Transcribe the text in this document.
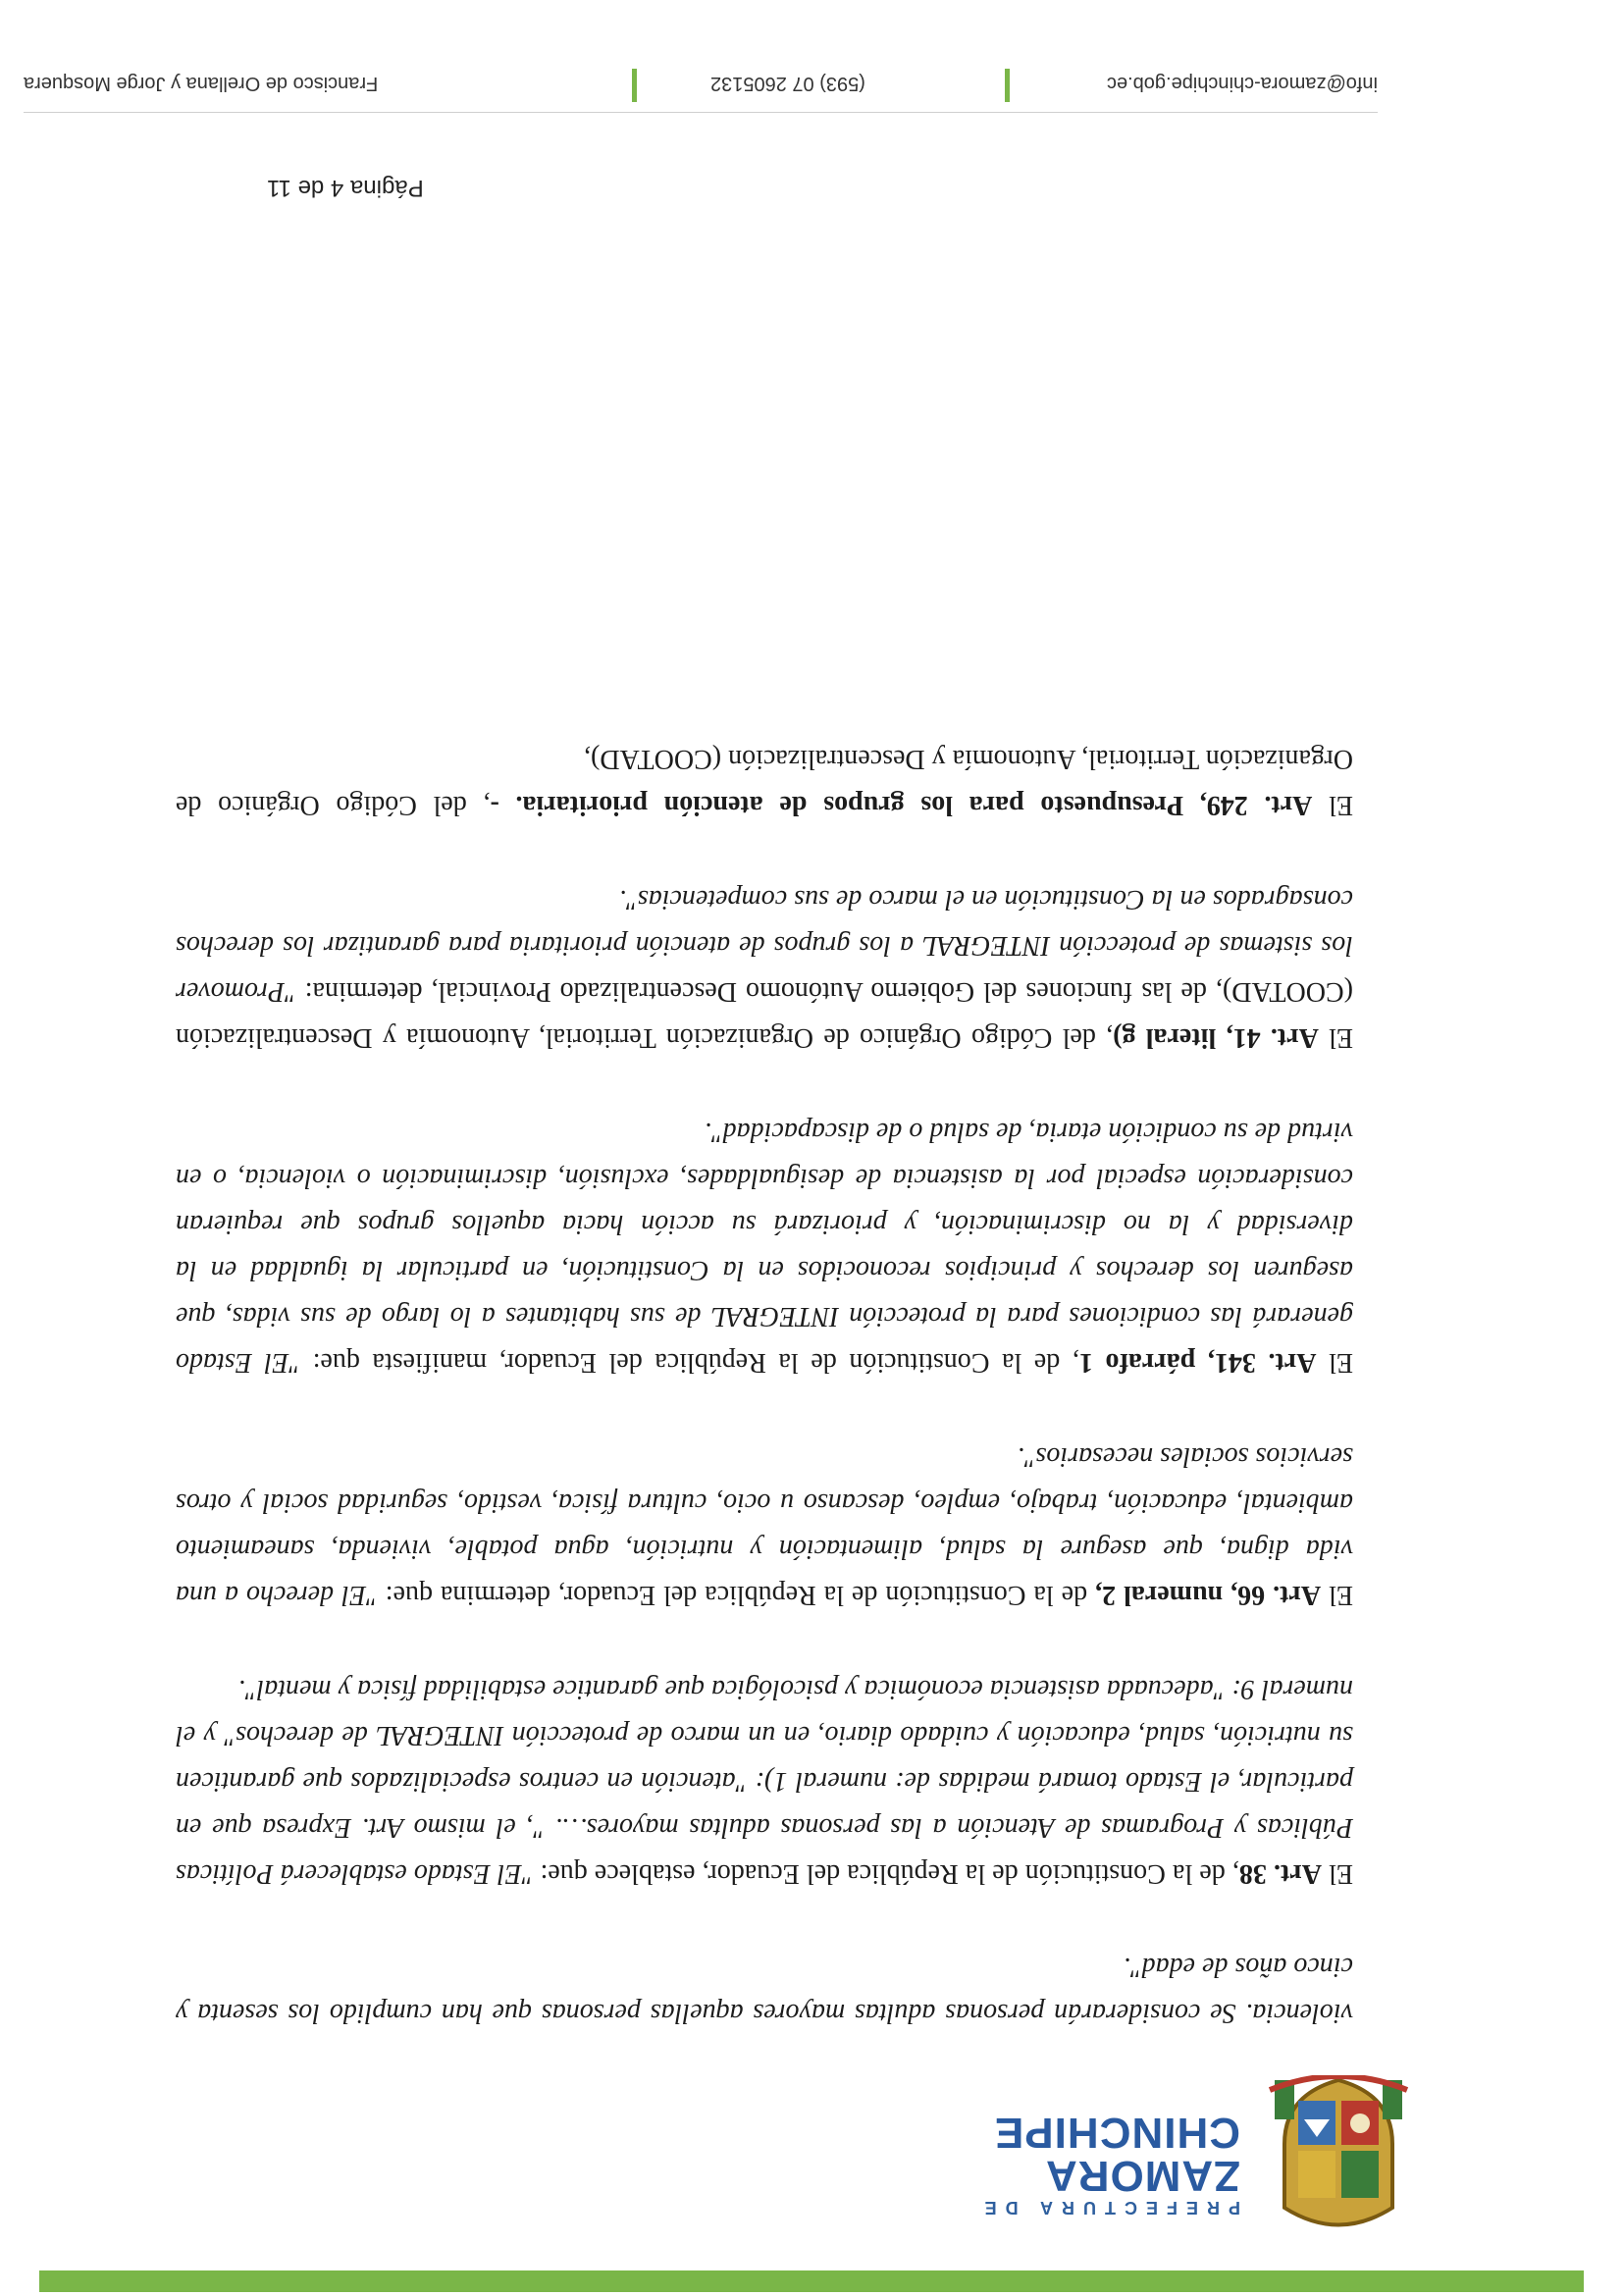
PREFECTURA DE
ZAMORA
CHINCHIPE

violencia. Se considerarán personas adultas mayores aquellas personas que han cumplido los sesenta y cinco años de edad".

El Art. 38, de la Constitución de la República del Ecuador, establece que: "El Estado establecerá Políticas Públicas y Programas de Atención a las personas adultas mayores…. ", el mismo Art. Expresa que en particular, el Estado tomará medidas de: numeral 1): "atención en centros especializados que garanticen su nutrición, salud, educación y cuidado diario, en un marco de protección INTEGRAL de derechos" y el numeral 9: "adecuada asistencia económica y psicológica que garantice estabilidad física y mental".

El Art. 66, numeral 2, de la Constitución de la República del Ecuador, determina que: "El derecho a una vida digna, que asegure la salud, alimentación y nutrición, agua potable, vivienda, saneamiento ambiental, educación, trabajo, empleo, descanso u ocio, cultura física, vestido, seguridad social y otros servicios sociales necesarios".

El Art. 341, párrafo 1, de la Constitución de la República del Ecuador, manifiesta que: "El Estado generará las condiciones para la protección INTEGRAL de sus habitantes a lo largo de sus vidas, que aseguren los derechos y principios reconocidos en la Constitución, en particular la igualdad en la diversidad y la no discriminación, y priorizará su acción hacia aquellos grupos que requieran consideración especial por la asistencia de desigualdades, exclusión, discriminación o violencia, o en virtud de su condición etaria, de salud o de discapacidad".

El Art. 41, literal g), del Código Orgánico de Organización Territorial, Autonomía y Descentralización (COOTAD), de las funciones del Gobierno Autónomo Descentralizado Provincial, determina: "Promover los sistemas de protección INTEGRAL a los grupos de atención prioritaria para garantizar los derechos consagrados en la Constitución en el marco de sus competencias".

El Art. 249, Presupuesto para los grupos de atención prioritaria. -, del Código Orgánico de Organización Territorial, Autonomía y Descentralización (COOTAD),

Página 4 de 11
Francisco de Orellana y Jorge Mosquera	(593) 07 2605132	info@zamora-chinchipe.gob.ec
